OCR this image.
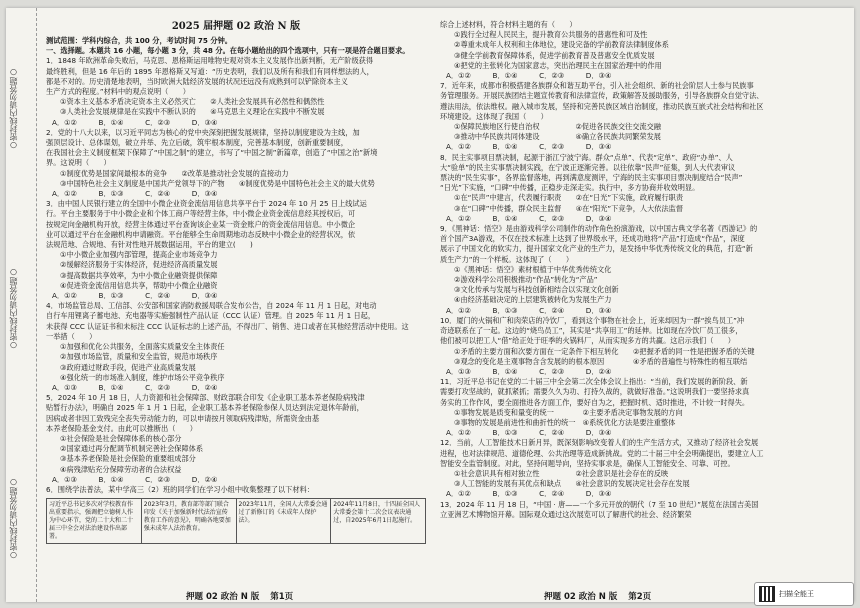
○密封线内请勿答题○
○密封线内请勿答题○
○密封线内请勿答题○

2025 届押题 02 政治 N 版

测试范围：学科内综合，共 100 分，考试时间 75 分钟。

一、选择题。本题共 16 小题，每小题 3 分，共 48 分。在每小题给出的四个选项中，只有一项是符合题目要求。

1．1848 年欧洲革命失败后，马克思、恩格斯运用唯物史观对资本主义发展作出新判断，无产阶级获得

最终胜利，但是 16 年后的 1895 年恩格斯又写道：“历史表明，我们以及所有和我们有同样想法的人，

都是不对的。历史清楚地表明，当时欧洲大陆经济发展的状况还远没有成熟到可以铲除资本主义

生产方式的程度。”材料中的观点说明（　　）

①资本主义基本矛盾决定资本主义必然灭亡　　②人类社会发展具有必然性和偶然性

③人类社会发展规律是在实践中不断认识的　　④马克思主义理论在实践中不断发展

A．①②　　　B．①④　　　C．②③　　　D．③④

2．党的十八大以来，以习近平同志为核心的党中央深刻把握发展规律，坚持以制度建设为主线，加

强顶层设计、总体谋划，破立并举、先立后破，筑牢根本制度，完善基本制度，创新重要制度，

在我国社会主义制度框架下保障了“中国之制”的建立，书写了“中国之制”新篇章，创造了“中国之治”新境

界。这说明（　　）

①制度优势是国家间最根本的竞争　　②改革是推动社会发展的直接动力

③中国特色社会主义制度是中国共产党领导下的产物　　④制度优势是中国特色社会主义的最大优势

A．①②　　　B．①③　　　C．②④　　　D．③④

3．由中国人民银行建立的全国中小微企业资金流信用信息共享平台于 2024 年 10 月 25 日上线试运

行。平台主要服务于中小微企业和个体工商户等经营主体，中小微企业资金流信息经其授权后，可

按规定向金融机构开放，经营主体通过平台查询该企业某一资金账户的资金流信用信息。中小微企

业可以通过平台在金融机构申请融资。平台能够全生命周期地动态反映中小微企业的经营状况，依

法规范地、合规地、有针对性地开展数据运用，平台的建立(　　)

①中小微企业加强内部管理，提高企业市场竞争力

②缓解经济服务于实体经济，促进经济高质量发展

③提高数据共享效率，为中小微企业融资提供保障

④促进资金流信用信息共享，帮助中小微企业融资

A．①②　　　B．①③　　　C．②④　　　D．③④

4．市场监管总局、工信部、公安部和国家消防救援局联合发布公告，自 2024 年 11 月 1 日起，对电动

自行车用锂离子蓄电池、充电器等实施强制性产品认证（CCC 认证）管理。自 2025 年 11 月 1 日起，

未获得 CCC 认证证书和未标注 CCC 认证标志的上述产品，不得出厂、销售、进口或者在其他经营活动中使用。这

一举措（　　）

①加强和优化公共服务，全面落实质量安全主体责任

②加强市场监管，质量和安全监管，规范市场秩序

③政府通过财政手段，促进产业高质量发展

④强化统一的市场准入制度，维护市场公平竞争秩序

A．①③　　　B．①④　　　C．②③　　　D．②④

5．2024 年 10 月 18 日，人力资源和社会保障部、财政部联合印发《企业职工基本养老保险病残津

贴暂行办法》，明确自 2025 年 1 月 1 日起，企业职工基本养老保险参保人员达到法定退休年龄前，

因病或者非因工致残完全丧失劳动能力的，可以申请按月领取病残津贴，所需资金由基

本养老保险基金支付。由此可以推断出（　　）

①社会保险是社会保障体系的核心部分

②国家通过再分配调节机制完善社会保障体系

③基本养老保险是社会保险的重要组成部分

④病残津贴充分保障劳动者的合法权益

A．①③　　　B．①④　　　C．②③　　　D．②④

6．围绕学法普法，某中学高三（2）班的同学们在学习小组中收集整理了以下材料：

习近平总书记多次对学校教育作出重要指示，强调把立德树人作为中心环节，党的二十大和二十届三中全会对法治建设作出部署。
2023年3月，教育部等部门联合印发《关于加强新时代法治宣传教育工作的意见》，明确各地要加强未成年人法治教育。
2023年11月，全国人大常委会通过了新修订的《未成年人保护法》。
2024年11月8日，十四届全国人大常委会第十二次会议表决通过，自2025年6月1日起施行。
押题 02 政治 N 版 第1页

综合上述材料，符合材料主题的有（　　）

①践行全过程人民民主，提升教育公共服务的普惠性和可及性

②尊重未成年人权利和主体地位，建设完备的学前教育法律制度体系

③健全学前教育保障体系，促进学前教育普及普惠安全优质发展

④把党的主张转化为国家意志，突出治理民主在国家治理中的作用

A．①②　　　B．①④　　　C．②③　　　D．③④

7．近年来，成都市积极搭建各族群众和谐互助平台，引入社会组织、新的社会阶层人士参与民族事

务管理服务。开展民族团结主题宣传教育和法律宣传，政策解答及援助服务，引导各族群众自觉守法、

遵法用法，依法维权。融入城市发展，坚持和完善民族区域自治制度，推动民族互嵌式社会结构和社区

环境建设。这体现了我国（　　）

①保障民族地区行使自治权　　　　　②促进各民族交往交流交融

③推动中华民族共同体建设　　　　　④确立各民族共同繁荣发展

A．①②　　　B．①④　　　C．②③　　　D．③④

8．民主实事项目票决制，起源于浙江宁波宁海。群众“点单”、代表“定单”、政府“办单”、人

大“验单”的民主实事票决制实践，在宁波正逐渐完善。以往依靠“民声”征集，到人大代表审议

票决的“民生实事”，各界监督落地，再到满意度测评，宁海的民主实事项目票决制度结合“民声”

“日光”下实施，“口碑”中传播，正稳步走深走实。执行中，多方协商并收效明显。

①在“民声”中建言，代表履行职责　　②在“日光”下实施，政府履行职责

③在“口碑”中传播，群众民主监督　　④在“阳光”下竞争，人大依法监督

A．①②　　　B．①④　　　C．②③　　　D．③④

9．《黑神话：悟空》是由游戏科学公司制作的动作角色扮演游戏，以中国古典文学名著《西游记》的

首个国产3A游戏，不仅在技术标准上达到了世界级水平，还成功地将“产品”打造成“作品”，深度

展示了中国文化的软实力，提升国家文化产业的生产力，是发扬中华优秀传统文化的典范，打造“新

质生产力”的一个样板。这体现了（　　）

①《黑神话：悟空》素材根植于中华优秀传统文化

②游戏科学公司积极推动“作品”转化为“产品”

③文化传承与发展与科技创新相结合以实现文化创新

④由经济基础决定的上层建筑被转化为发展生产力

A．①②　　　B．①③　　　C．②④　　　D．③④

10．厦门的火锅和广和肉荣店的冷饮厂，看到这个事物在社会上，近来却因为一群“挨鸟员工”冲

奇迹联系在了一起。这边的“烧鸟员工”，其实是“共享用工”的延伸。比如现在冷饮厂员工很多，

他们被可以把工人“借”给正处于旺季的火锅料厂，从而实现多方的共赢。这启示我们（　　）

①矛盾的主要方面和次要方面在一定条件下相互转化　　②把握矛盾的同一性是把握矛盾的关键

③观念的变化是主观事物含含发展的的根本原因　　　　④矛盾的普遍性与特殊性的相互联结

A．①③　　　B．①④　　　C．②③　　　D．②④

11．习近平总书记在党的二十届三中全会第二次全体会议上指出：“当前，我们发展的新阶段、新

需要打攻坚战的，就抓紧抓；需要久久为功、打持久战的，就做好准备。”这说明我们一要坚持求真

务实的工作作风，要全面推进各方面工作，要好自为之，把握时机、适时推进，不计较一时得失。

①事物发展是质变和量变的统一　　　　②主要矛盾决定事物发展的方向

③事物的发展是前进性和曲折性的统一　④系统优化方法是要注重整体

A．①②　　　B．①③　　　C．②④　　　D．③④

12．当前，人工智能技术日新月异，既深刻影响改变着人们的生产生活方式，又推动了经济社会发展

进程，也对法律规范、道德伦理、公共治理等造成新挑战。党的二十届三中全会明确提出，要建立人工

智能安全监管制度。对此，坚持问题导向，坚持实事求是，确保人工智能安全、可靠、可控。

①社会意识具有相对独立性　　　　　②社会意识是社会存在的反映

③人工智能的发展有其优点和缺点　　④社会意识的发展决定社会存在发展

A．①②　　　B．①③　　　C．②④　　　D．③④

13．2024 年 11 月 18 日，“中国 · 唐——一个多元开放的朝代（7 至 10 世纪）”展览在法国吉美国

立亚洲艺术博物馆开幕。国际观众通过这次展览可以了解唐代的社会、经济繁荣

押题 02 政治 N 版 第2页	扫描全能王
